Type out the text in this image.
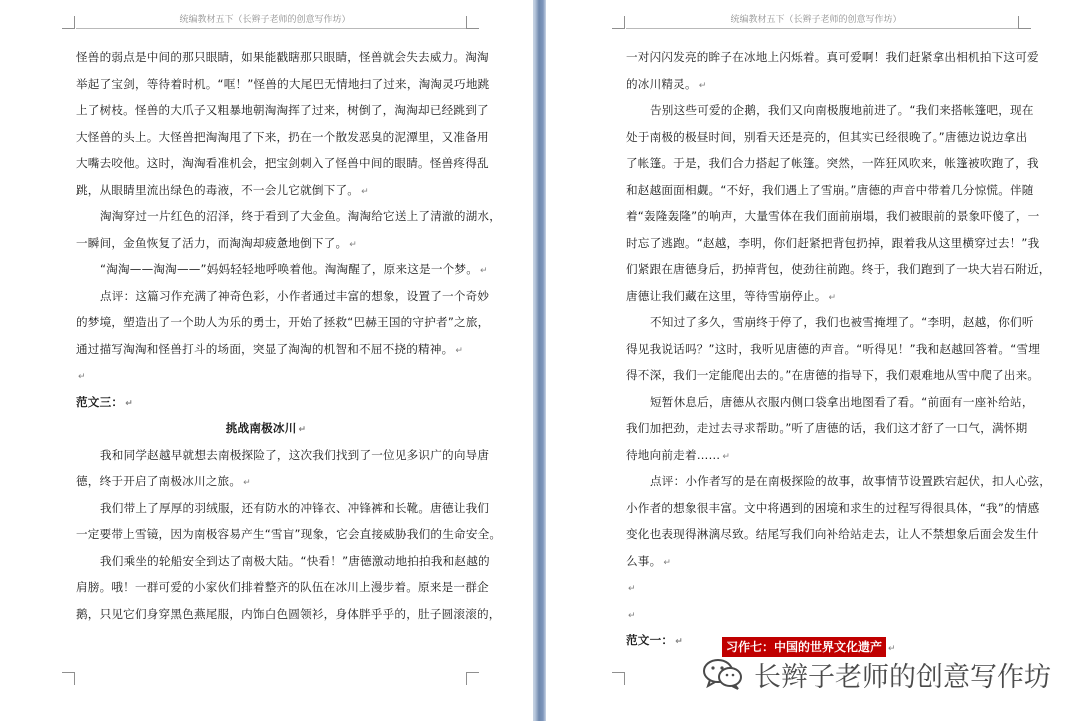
统编教材五下（长辫子老师的创意写作坊）
怪兽的弱点是中间的那只眼睛，如果能戳瞎那只眼睛，怪兽就会失去威力。淘淘
举起了宝剑，等待着时机。“哐！”怪兽的大尾巴无情地扫了过来，淘淘灵巧地跳
上了树枝。怪兽的大爪子又粗暴地朝淘淘挥了过来，树倒了，淘淘却已经跳到了
大怪兽的头上。大怪兽把淘淘甩了下来，扔在一个散发恶臭的泥潭里，又准备用
大嘴去咬他。这时，淘淘看准机会，把宝剑刺入了怪兽中间的眼睛。怪兽疼得乱
跳，从眼睛里流出绿色的毒液，不一会儿它就倒下了。 ↵
淘淘穿过一片红色的沼泽，终于看到了大金鱼。淘淘给它送上了清澈的湖水，
一瞬间，金鱼恢复了活力，而淘淘却疲惫地倒下了。 ↵
“淘淘——淘淘——”妈妈轻轻地呼唤着他。淘淘醒了，原来这是一个梦。 ↵
点评：这篇习作充满了神奇色彩，小作者通过丰富的想象，设置了一个奇妙
的梦境，塑造出了一个助人为乐的勇士，开始了拯救“巴赫王国的守护者”之旅，
通过描写淘淘和怪兽打斗的场面，突显了淘淘的机智和不屈不挠的精神。 ↵
↵
范文三： ↵
挑战南极冰川 ↵
我和同学赵越早就想去南极探险了，这次我们找到了一位见多识广的向导唐
德，终于开启了南极冰川之旅。 ↵
我们带上了厚厚的羽绒服，还有防水的冲锋衣、冲锋裤和长靴。唐德让我们
一定要带上雪镜，因为南极容易产生“雪盲”现象，它会直接威胁我们的生命安全。
我们乘坐的轮船安全到达了南极大陆。“快看！”唐德激动地拍拍我和赵越的
肩膀。哦！一群可爱的小家伙们排着整齐的队伍在冰川上漫步着。原来是一群企
鹅，只见它们身穿黑色燕尾服，内饰白色圆领衫，身体胖乎乎的，肚子圆滚滚的，
统编教材五下（长辫子老师的创意写作坊）
一对闪闪发亮的眸子在冰地上闪烁着。真可爱啊！我们赶紧拿出相机拍下这可爱
的冰川精灵。 ↵
告别这些可爱的企鹅，我们又向南极腹地前进了。“我们来搭帐篷吧，现在
处于南极的极昼时间，别看天还是亮的，但其实已经很晚了。”唐德边说边拿出
了帐篷。于是，我们合力搭起了帐篷。突然，一阵狂风吹来，帐篷被吹跑了，我
和赵越面面相觑。“不好，我们遇上了雪崩。”唐德的声音中带着几分惊慌。伴随
着“轰隆轰隆”的响声，大量雪体在我们面前崩塌，我们被眼前的景象吓傻了，一
时忘了逃跑。“赵越，李明，你们赶紧把背包扔掉，跟着我从这里横穿过去！”我
们紧跟在唐德身后，扔掉背包，使劲往前跑。终于，我们跑到了一块大岩石附近，
唐德让我们藏在这里，等待雪崩停止。 ↵
不知过了多久，雪崩终于停了，我们也被雪掩埋了。“李明，赵越，你们听
得见我说话吗？”这时，我听见唐德的声音。“听得见！”我和赵越回答着。“雪埋
得不深，我们一定能爬出去的。”在唐德的指导下，我们艰难地从雪中爬了出来。
短暂休息后，唐德从衣服内侧口袋拿出地图看了看。“前面有一座补给站，
我们加把劲，走过去寻求帮助。”听了唐德的话，我们这才舒了一口气，满怀期
待地向前走着…… ↵
点评：小作者写的是在南极探险的故事，故事情节设置跌宕起伏，扣人心弦，
小作者的想象很丰富。文中将遇到的困境和求生的过程写得很具体，“我”的情感
变化也表现得淋漓尽致。结尾写我们向补给站走去，让人不禁想象后面会发生什
么事。 ↵
↵
↵
范文一： ↵	习作七：中国的世界文化遗产 ↵
长辫子老师的创意写作坊
